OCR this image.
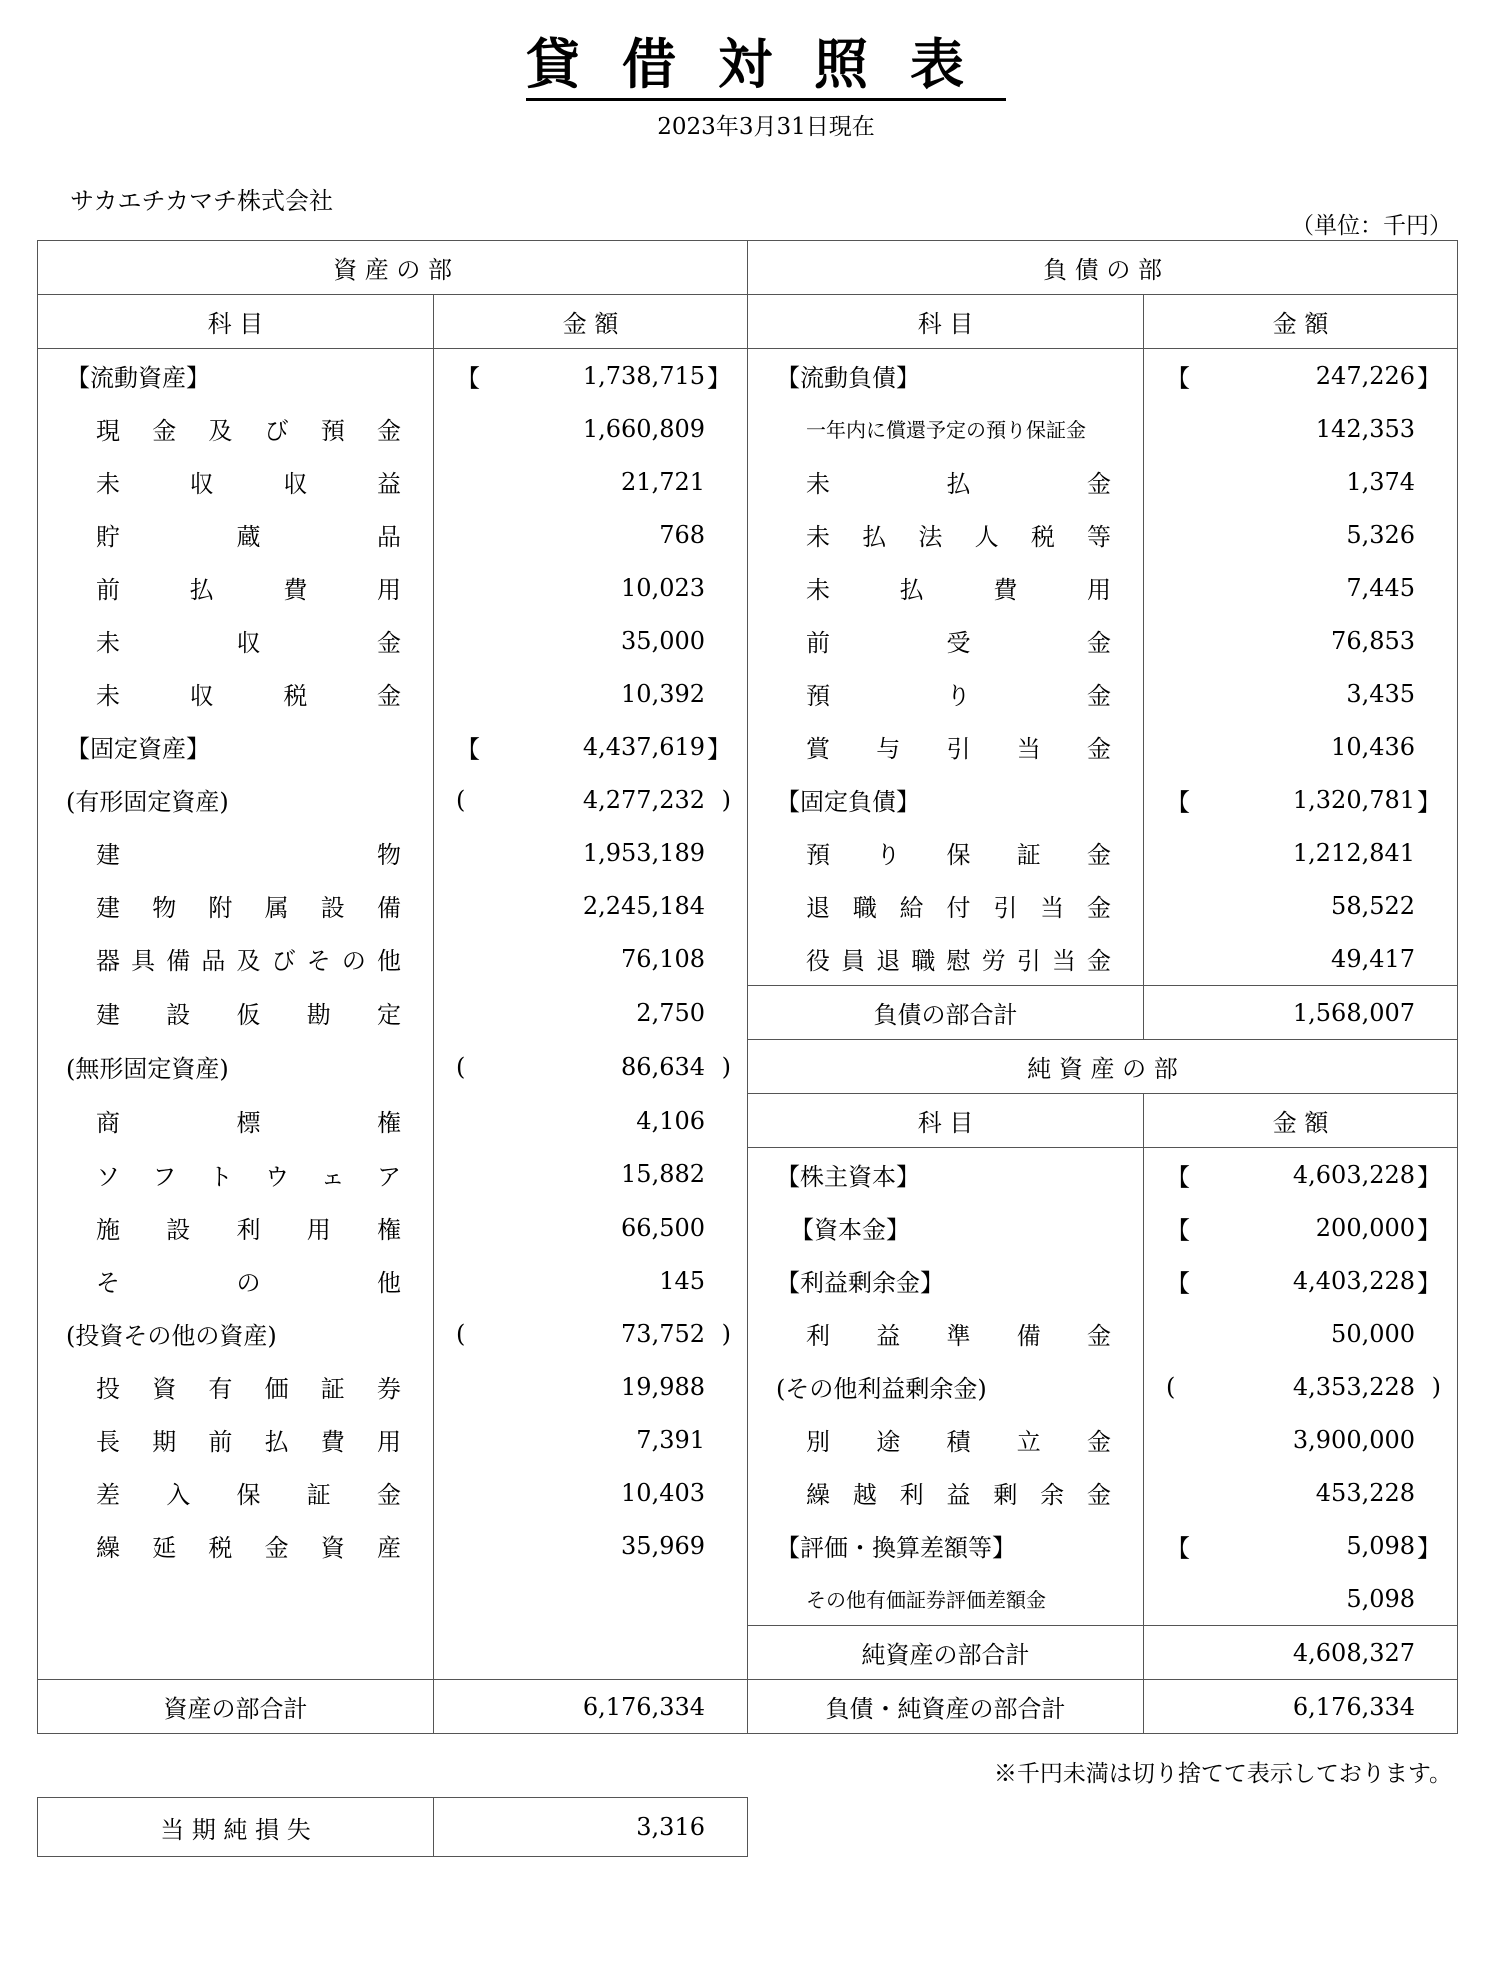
貸借対照表
2023年3月31日現在
サカエチカマチ株式会社
（単位：千円）
資 産 の 部		負 債 の 部	
科 目	金 額	科 目	金 額
【流動資産】	【 1,738,715 】	【流動負債】	【 247,226 】

現金及び預金	1,660,809	一年内に償還予定の預り保証金	142,353
未収収益	21,721	未払金	1,374
貯蔵品	768	未払法人税等	5,326
前払費用	10,023	未払費用	7,445
未収金	35,000	前受金	76,853
未収税金	10,392	預り金	3,435
【固定資産】	【 4,437,619 】	賞与引当金	10,436
(有形固定資産)	( 4,277,232 )	【固定負債】	【 1,320,781 】

建物	1,953,189	預り保証金	1,212,841
建物附属設備	2,245,184	退職給付引当金	58,522
器具備品及びその他	76,108	役員退職慰労引当金	49,417
建設仮勘定	2,750	負債の部合計	1,568,007
(無形固定資産)	( 86,634 )	純 資 産 の 部	
商標権	4,106	科 目	金 額
ソフトウェア	15,882	【株主資本】	【 4,603,228 】

施設利用権	66,500	【資本金】	【 200,000 】

その他	145	【利益剰余金】	【 4,403,228 】

(投資その他の資産)	( 73,752 )	利益準備金	50,000
投資有価証券	19,988	(その他利益剰余金)	( 4,353,228 )

長期前払費用	7,391	別途積立金	3,900,000
差入保証金	10,403	繰越利益剰余金	453,228
繰延税金資産	35,969	【評価・換算差額等】	【 5,098 】

		その他有価証券評価差額金	5,098
		純資産の部合計	4,608,327
資産の部合計	6,176,334	負債・純資産の部合計	6,176,334
※千円未満は切り捨てて表示しております。
当 期 純 損 失	3,316
